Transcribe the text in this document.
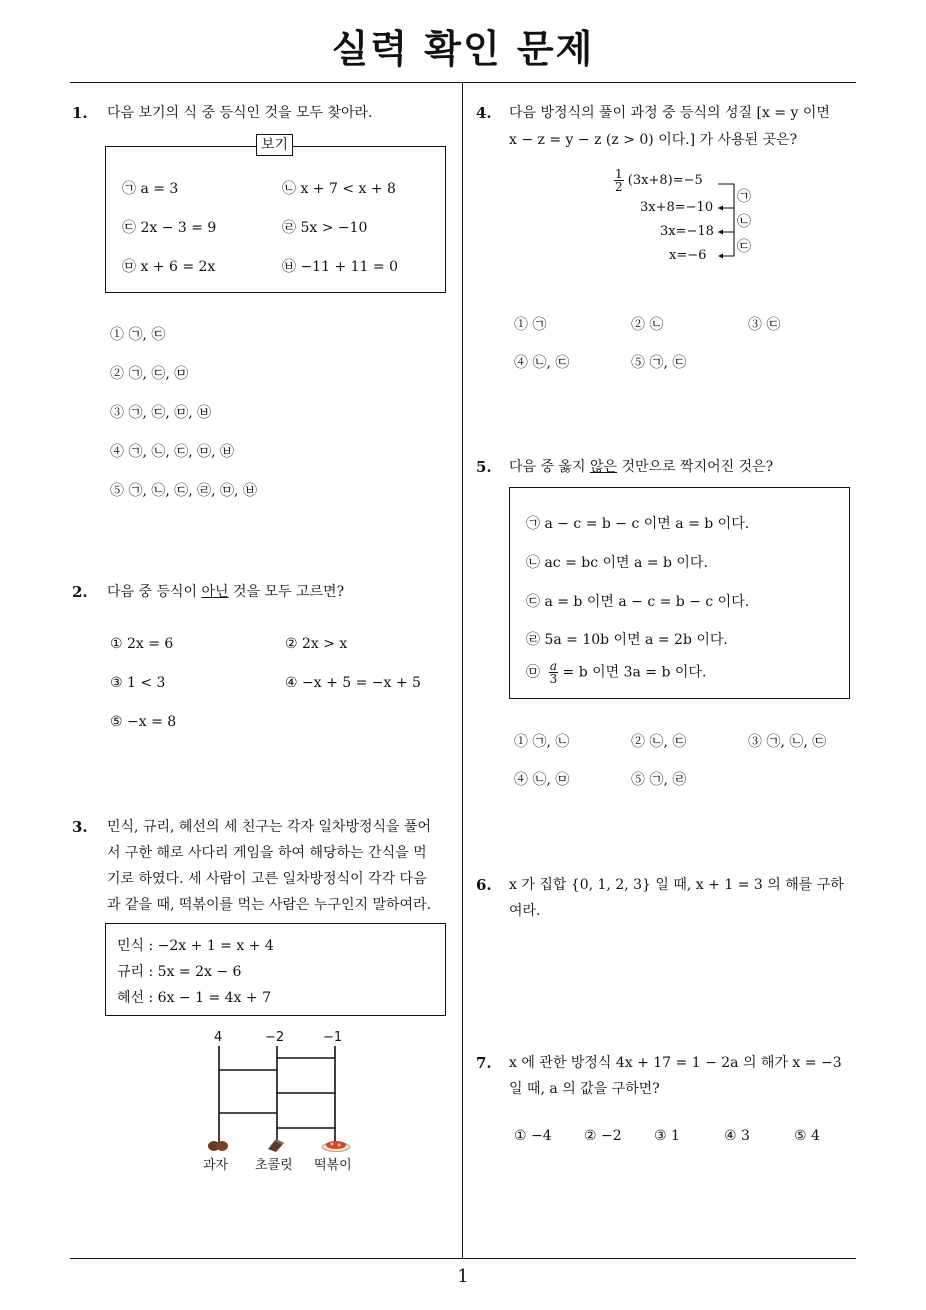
실력 확인 문제
1
1. 다음 보기의 식 중 등식인 것을 모두 찾아라.
보기
㉠ a = 3	㉡ x + 7 < x + 8
㉢ 2x − 3 = 9	㉣ 5x > −10
㉤ x + 6 = 2x	㉥ −11 + 11 = 0
① ㉠, ㉢
② ㉠, ㉢, ㉤
③ ㉠, ㉢, ㉤, ㉥
④ ㉠, ㉡, ㉢, ㉤, ㉥
⑤ ㉠, ㉡, ㉢, ㉣, ㉤, ㉥
2. 다음 중 등식이 아닌 것을 모두 고르면?
① 2x = 6	② 2x > x
③ 1 < 3	④ −x + 5 = −x + 5
⑤ −x = 8
3. 민식, 규리, 혜선의 세 친구는 각자 일차방정식을 풀어
서 구한 해로 사다리 게임을 하여 해당하는 간식을 먹
기로 하였다. 세 사람이 고른 일차방정식이 각각 다음
과 같을 때, 떡볶이를 먹는 사람은 누구인지 말하여라.
민식 : −2x + 1 = x + 4
규리 : 5x = 2x − 6
혜선 : 6x − 1 = 4x + 7
4	−2	−1
과자 초콜릿 떡볶이
4. 다음 방정식의 풀이 과정 중 등식의 성질 [x = y 이면
x − z = y − z (z > 0) 이다.] 가 사용된 곳은?
$\frac{1}{2} (3x+8)=-5$
3x+8=−10
3x=−18
x=−6
㉠
㉡
㉢
① ㉠	② ㉡	③ ㉢
④ ㉡, ㉢	⑤ ㉠, ㉢
5. 다음 중 옳지 않은 것만으로 짝지어진 것은?
㉠ a − c = b − c 이면 a = b 이다.
㉡ ac = bc 이면 a = b 이다.
㉢ a = b 이면 a − c = b − c 이다.
㉣ 5a = 10b 이면 a = 2b 이다.
㉤ $\frac{a}{3} = b$ 이면 3a = b 이다.
① ㉠, ㉡	② ㉡, ㉢	③ ㉠, ㉡, ㉢
④ ㉡, ㉤	⑤ ㉠, ㉣
6. x 가 집합 {0, 1, 2, 3} 일 때, x + 1 = 3 의 해를 구하
여라.
7. x 에 관한 방정식 4x + 17 = 1 − 2a 의 해가 x = −3
일 때, a 의 값을 구하면?
① −4 ② −2 ③ 1	④ 3	⑤ 4
